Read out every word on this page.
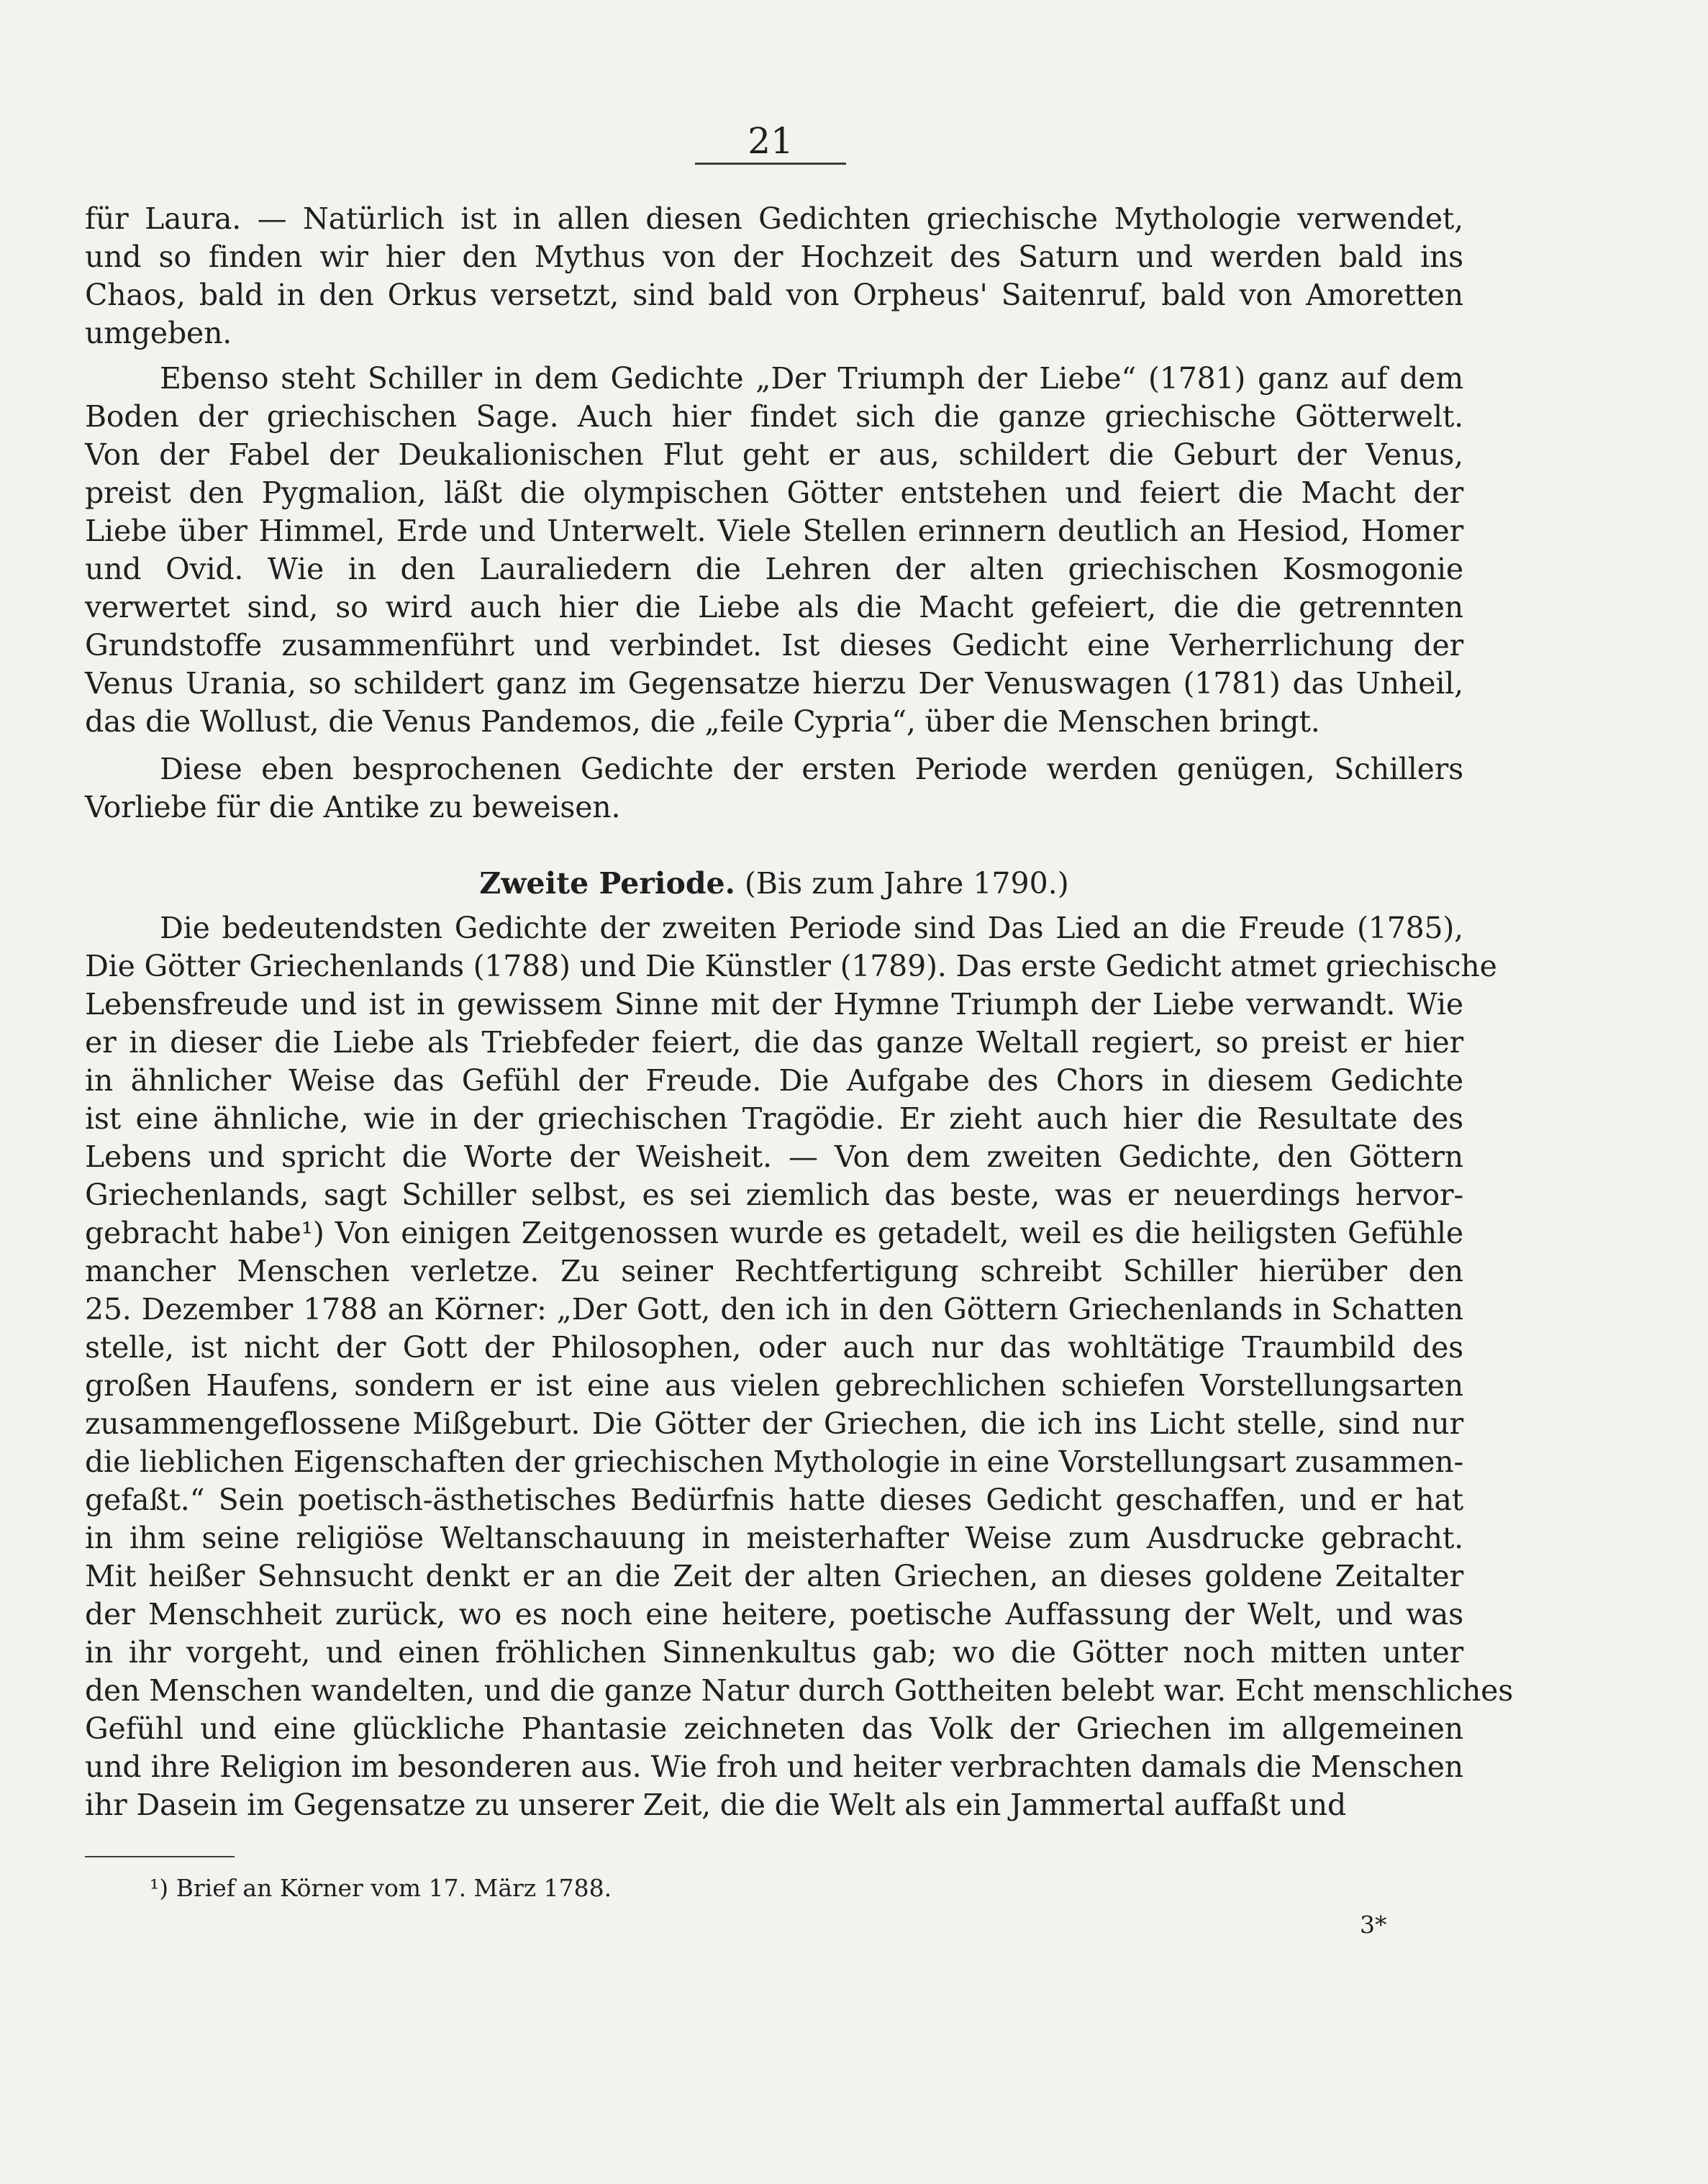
21
für Laura. — Natürlich ist in allen diesen Gedichten griechische Mythologie verwendet,
und so finden wir hier den Mythus von der Hochzeit des Saturn und werden bald ins
Chaos, bald in den Orkus versetzt, sind bald von Orpheus' Saitenruf, bald von Amoretten
umgeben.
Ebenso steht Schiller in dem Gedichte „Der Triumph der Liebe“ (1781) ganz auf dem
Boden der griechischen Sage. Auch hier findet sich die ganze griechische Götterwelt.
Von der Fabel der Deukalionischen Flut geht er aus, schildert die Geburt der Venus,
preist den Pygmalion, läßt die olympischen Götter entstehen und feiert die Macht der
Liebe über Himmel, Erde und Unterwelt. Viele Stellen erinnern deutlich an Hesiod, Homer
und Ovid. Wie in den Lauraliedern die Lehren der alten griechischen Kosmogonie
verwertet sind, so wird auch hier die Liebe als die Macht gefeiert, die die getrennten
Grundstoffe zusammenführt und verbindet. Ist dieses Gedicht eine Verherrlichung der
Venus Urania, so schildert ganz im Gegensatze hierzu Der Venuswagen (1781) das Unheil,
das die Wollust, die Venus Pandemos, die „feile Cypria“, über die Menschen bringt.
Diese eben besprochenen Gedichte der ersten Periode werden genügen, Schillers
Vorliebe für die Antike zu beweisen.
Zweite Periode. (Bis zum Jahre 1790.)
Die bedeutendsten Gedichte der zweiten Periode sind Das Lied an die Freude (1785),
Die Götter Griechenlands (1788) und Die Künstler (1789). Das erste Gedicht atmet griechische
Lebensfreude und ist in gewissem Sinne mit der Hymne Triumph der Liebe verwandt. Wie
er in dieser die Liebe als Triebfeder feiert, die das ganze Weltall regiert, so preist er hier
in ähnlicher Weise das Gefühl der Freude. Die Aufgabe des Chors in diesem Gedichte
ist eine ähnliche, wie in der griechischen Tragödie. Er zieht auch hier die Resultate des
Lebens und spricht die Worte der Weisheit. — Von dem zweiten Gedichte, den Göttern
Griechenlands, sagt Schiller selbst, es sei ziemlich das beste, was er neuerdings hervor-
gebracht habe¹) Von einigen Zeitgenossen wurde es getadelt, weil es die heiligsten Gefühle
mancher Menschen verletze. Zu seiner Rechtfertigung schreibt Schiller hierüber den
25. Dezember 1788 an Körner: „Der Gott, den ich in den Göttern Griechenlands in Schatten
stelle, ist nicht der Gott der Philosophen, oder auch nur das wohltätige Traumbild des
großen Haufens, sondern er ist eine aus vielen gebrechlichen schiefen Vorstellungsarten
zusammengeflossene Mißgeburt. Die Götter der Griechen, die ich ins Licht stelle, sind nur
die lieblichen Eigenschaften der griechischen Mythologie in eine Vorstellungsart zusammen-
gefaßt.“ Sein poetisch-ästhetisches Bedürfnis hatte dieses Gedicht geschaffen, und er hat
in ihm seine religiöse Weltanschauung in meisterhafter Weise zum Ausdrucke gebracht.
Mit heißer Sehnsucht denkt er an die Zeit der alten Griechen, an dieses goldene Zeitalter
der Menschheit zurück, wo es noch eine heitere, poetische Auffassung der Welt, und was
in ihr vorgeht, und einen fröhlichen Sinnenkultus gab; wo die Götter noch mitten unter
den Menschen wandelten, und die ganze Natur durch Gottheiten belebt war. Echt menschliches
Gefühl und eine glückliche Phantasie zeichneten das Volk der Griechen im allgemeinen
und ihre Religion im besonderen aus. Wie froh und heiter verbrachten damals die Menschen
ihr Dasein im Gegensatze zu unserer Zeit, die die Welt als ein Jammertal auffaßt und
¹) Brief an Körner vom 17. März 1788.
3*
